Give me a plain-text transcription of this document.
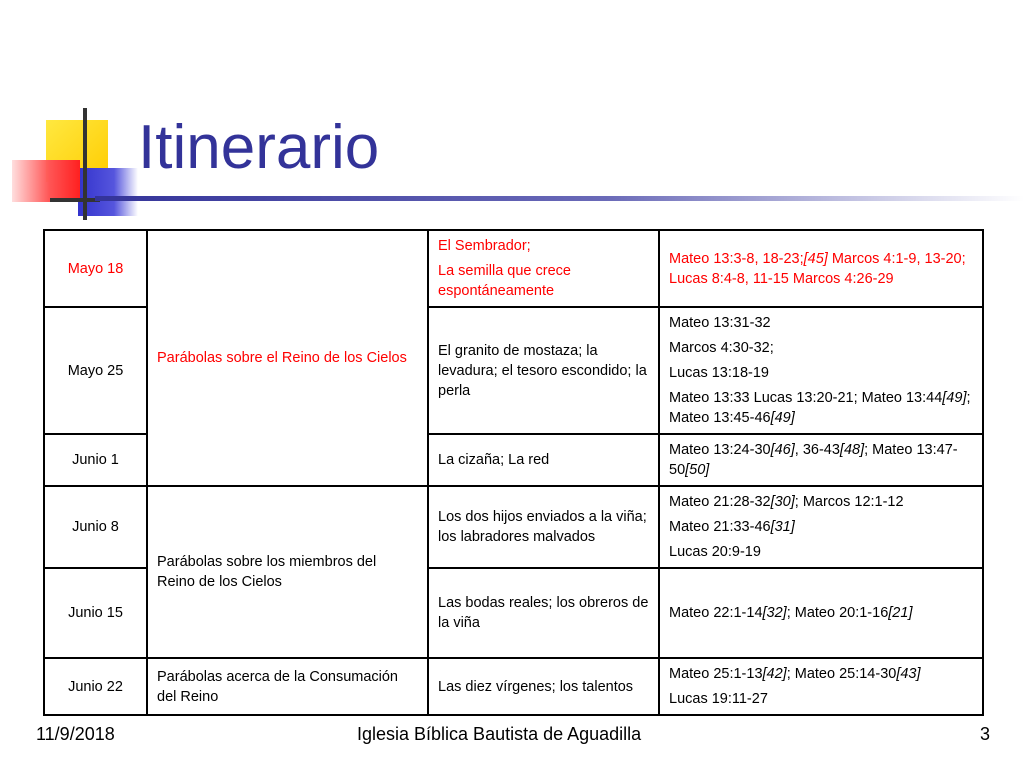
Itinerario
Mayo 18	Parábolas sobre el Reino de los Cielos	El Sembrador;
La semilla que crece espontáneamente	Mateo 13:3-8, 18-23;[45] Marcos 4:1-9, 13-20; Lucas 8:4-8, 11-15 Marcos 4:26-29

Mayo 25		El granito de mostaza; la levadura; el tesoro escondido; la perla	Mateo 13:31-32
Marcos 4:30-32;
Lucas 13:18-19
Mateo 13:33 Lucas 13:20-21; Mateo 13:44[49]; Mateo 13:45-46[49]

Junio 1		La cizaña; La red	Mateo 13:24-30[46], 36-43[48]; Mateo 13:47-50[50]

Junio 8	Parábolas sobre los miembros del Reino de los Cielos	Los dos hijos enviados a la viña; los labradores malvados	Mateo 21:28-32[30]; Marcos 12:1-12
Mateo 21:33-46[31]
Lucas 20:9-19

Junio 15		Las bodas reales; los obreros de la viña	Mateo 22:1-14[32]; Mateo 20:1-16[21]

Junio 22	Parábolas acerca de la Consumación del Reino	Las diez vírgenes; los talentos	Mateo 25:1-13[42]; Mateo 25:14-30[43]
Lucas 19:11-27
11/9/2018	Iglesia Bíblica Bautista de Aguadilla	3
